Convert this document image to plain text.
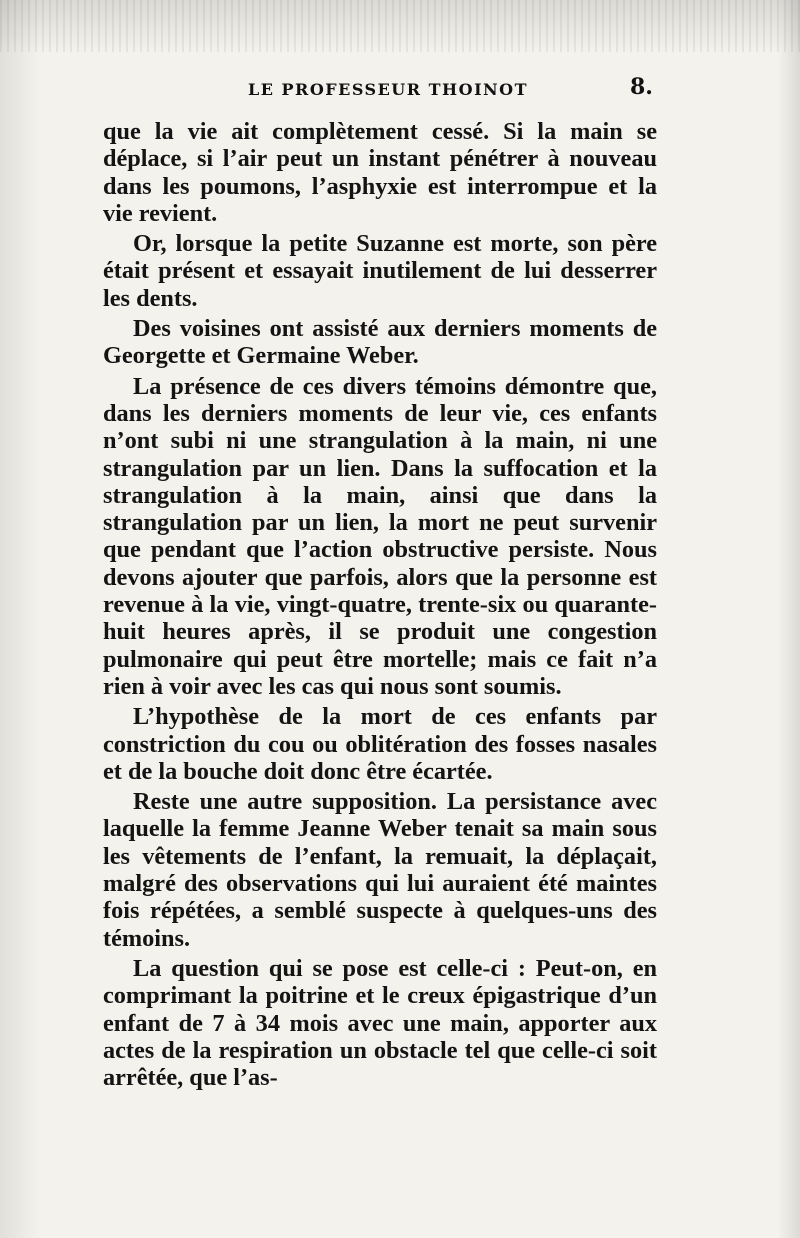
LE PROFESSEUR THOINOT	8.

que la vie ait complètement cessé. Si la main se déplace, si l’air peut un instant pénétrer à nouveau dans les poumons, l’asphyxie est interrompue et la vie revient.

Or, lorsque la petite Suzanne est morte, son père était présent et essayait inutilement de lui desserrer les dents.

Des voisines ont assisté aux derniers moments de Georgette et Germaine Weber.

La présence de ces divers témoins démontre que, dans les derniers moments de leur vie, ces enfants n’ont subi ni une strangulation à la main, ni une strangulation par un lien. Dans la suffocation et la strangulation à la main, ainsi que dans la strangulation par un lien, la mort ne peut survenir que pendant que l’action obstructive persiste. Nous devons ajouter que parfois, alors que la personne est revenue à la vie, vingt-quatre, trente-six ou quarante-huit heures après, il se produit une congestion pulmonaire qui peut être mortelle; mais ce fait n’a rien à voir avec les cas qui nous sont soumis.

L’hypothèse de la mort de ces enfants par constriction du cou ou oblitération des fosses nasales et de la bouche doit donc être écartée.

Reste une autre supposition. La persistance avec laquelle la femme Jeanne Weber tenait sa main sous les vêtements de l’enfant, la remuait, la déplaçait, malgré des observations qui lui auraient été maintes fois répétées, a semblé suspecte à quelques-uns des témoins.

La question qui se pose est celle-ci : Peut-on, en comprimant la poitrine et le creux épigastrique d’un enfant de 7 à 34 mois avec une main, apporter aux actes de la respiration un obstacle tel que celle-ci soit arrêtée, que l’as-
